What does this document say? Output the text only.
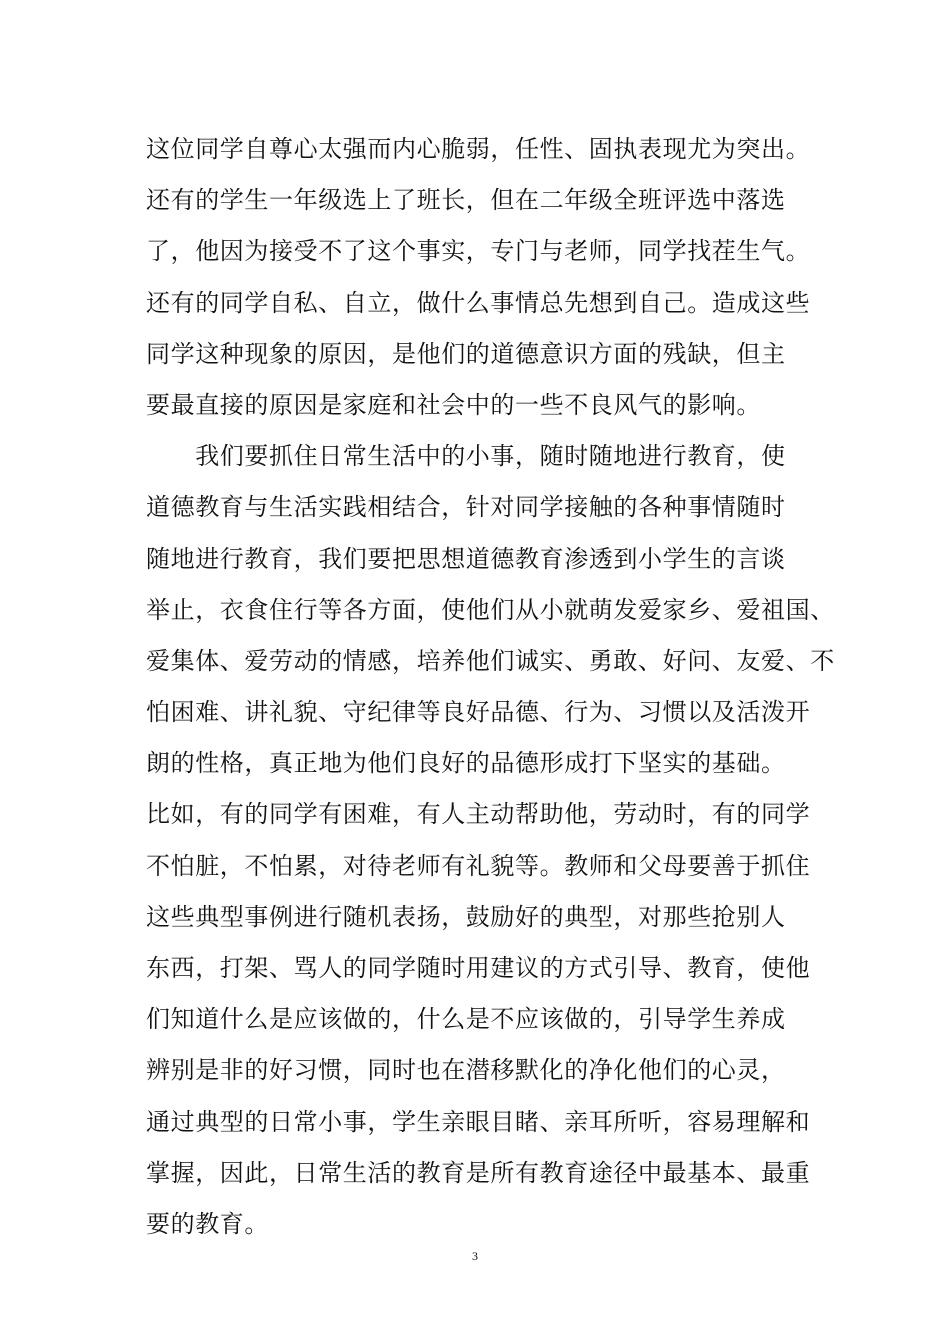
这位同学自尊心太强而内心脆弱，任性、固执表现尤为突出。
还有的学生一年级选上了班长，但在二年级全班评选中落选
了，他因为接受不了这个事实，专门与老师，同学找茬生气。
还有的同学自私、自立，做什么事情总先想到自己。造成这些
同学这种现象的原因，是他们的道德意识方面的残缺，但主
要最直接的原因是家庭和社会中的一些不良风气的影响。
　　我们要抓住日常生活中的小事，随时随地进行教育，使
道德教育与生活实践相结合，针对同学接触的各种事情随时
随地进行教育，我们要把思想道德教育渗透到小学生的言谈
举止，衣食住行等各方面，使他们从小就萌发爱家乡、爱祖国、
爱集体、爱劳动的情感，培养他们诚实、勇敢、好问、友爱、不
怕困难、讲礼貌、守纪律等良好品德、行为、习惯以及活泼开
朗的性格，真正地为他们良好的品德形成打下坚实的基础。
比如，有的同学有困难，有人主动帮助他，劳动时，有的同学
不怕脏，不怕累，对待老师有礼貌等。教师和父母要善于抓住
这些典型事例进行随机表扬，鼓励好的典型，对那些抢别人
东西，打架、骂人的同学随时用建议的方式引导、教育，使他
们知道什么是应该做的，什么是不应该做的，引导学生养成
辨别是非的好习惯，同时也在潜移默化的净化他们的心灵，
通过典型的日常小事，学生亲眼目睹、亲耳所听，容易理解和
掌握，因此，日常生活的教育是所有教育途径中最基本、最重
要的教育。
3
